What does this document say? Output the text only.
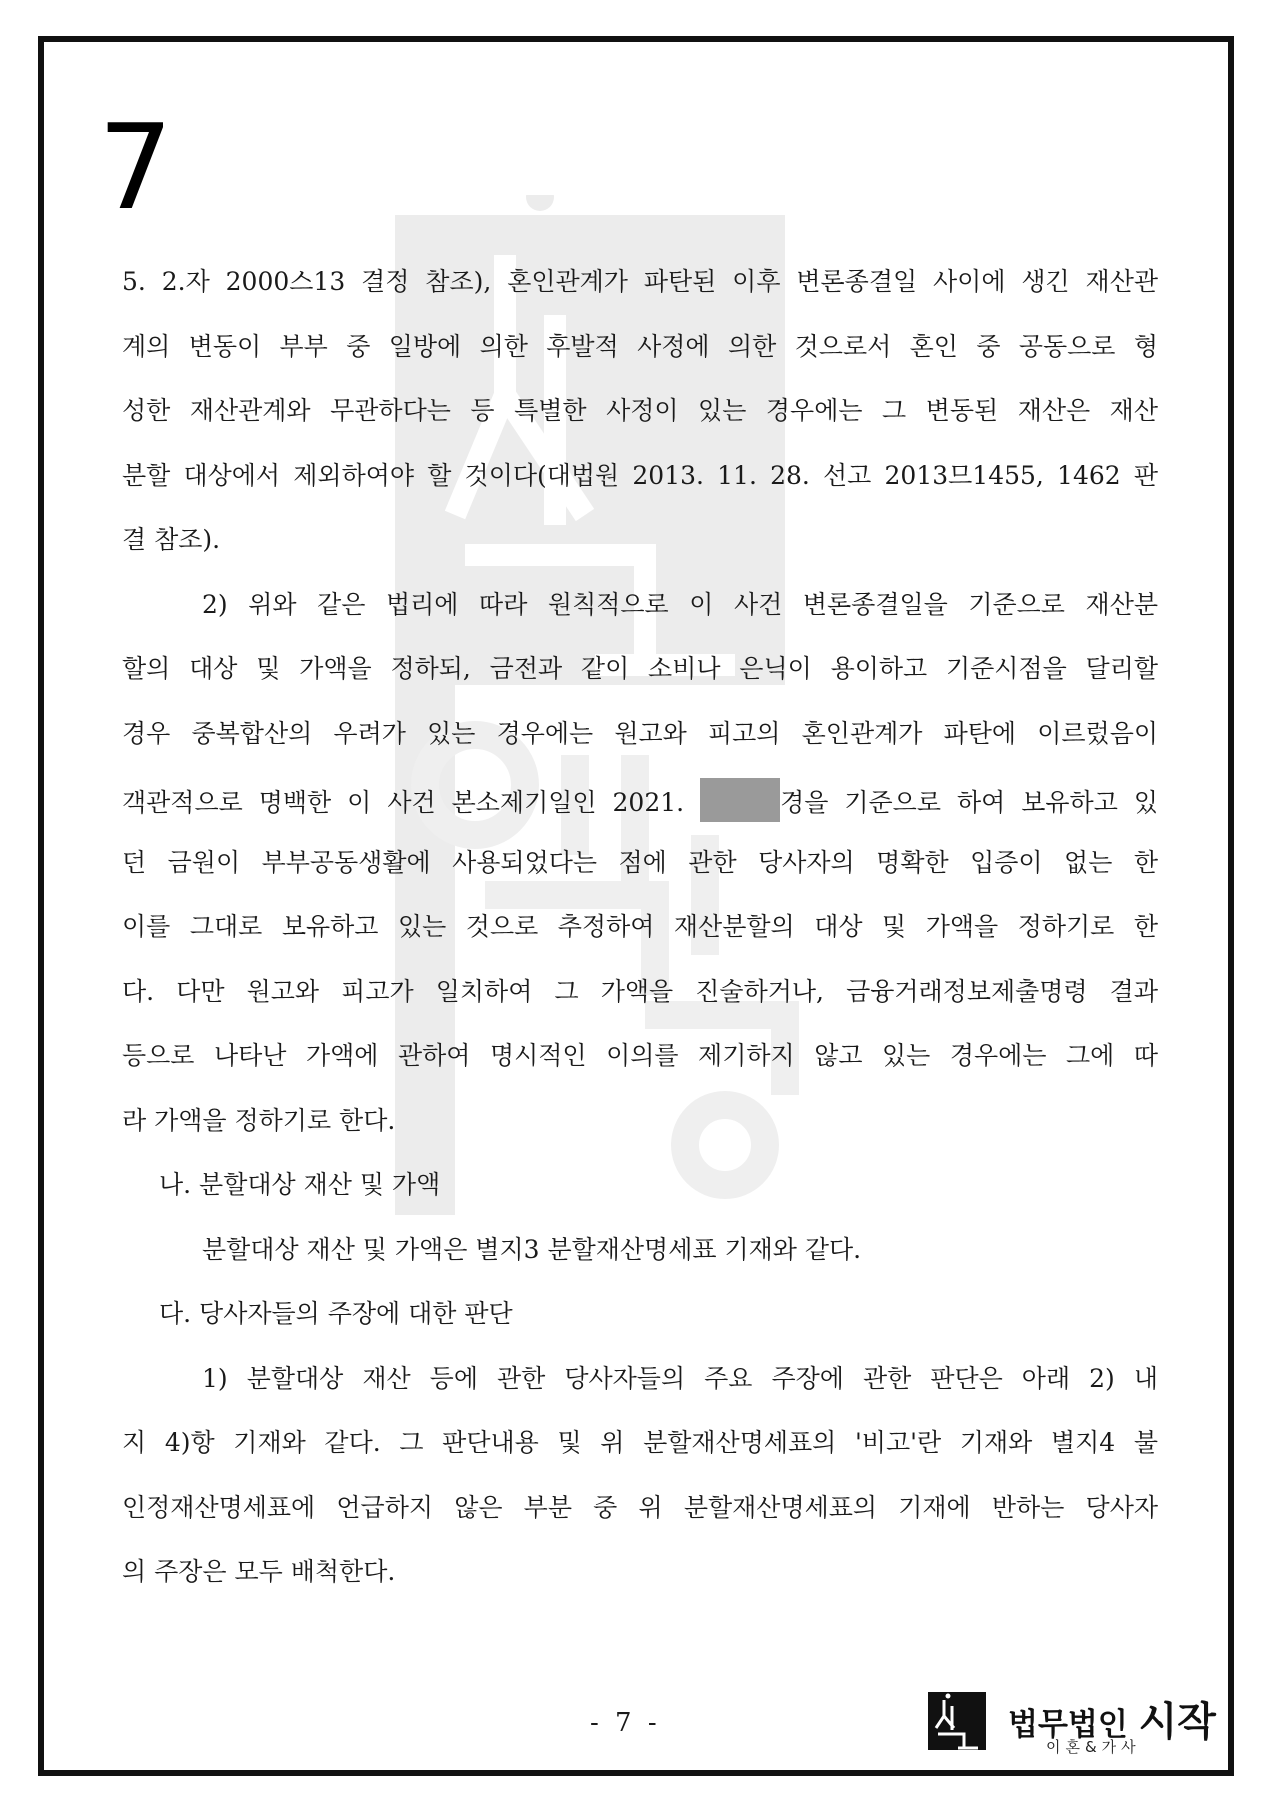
7
5. 2.자 2000스13 결정 참조), 혼인관계가 파탄된 이후 변론종결일 사이에 생긴 재산관
계의 변동이 부부 중 일방에 의한 후발적 사정에 의한 것으로서 혼인 중 공동으로 형
성한 재산관계와 무관하다는 등 특별한 사정이 있는 경우에는 그 변동된 재산은 재산
분할 대상에서 제외하여야 할 것이다(대법원 2013. 11. 28. 선고 2013므1455, 1462 판
결 참조).
2) 위와 같은 법리에 따라 원칙적으로 이 사건 변론종결일을 기준으로 재산분
할의 대상 및 가액을 정하되, 금전과 같이 소비나 은닉이 용이하고 기준시점을 달리할
경우 중복합산의 우려가 있는 경우에는 원고와 피고의 혼인관계가 파탄에 이르렀음이
객관적으로 명백한 이 사건 본소제기일인 2021.	경을 기준으로 하여 보유하고 있
던 금원이 부부공동생활에 사용되었다는 점에 관한 당사자의 명확한 입증이 없는 한
이를 그대로 보유하고 있는 것으로 추정하여 재산분할의 대상 및 가액을 정하기로 한
다. 다만 원고와 피고가 일치하여 그 가액을 진술하거나, 금융거래정보제출명령 결과
등으로 나타난 가액에 관하여 명시적인 이의를 제기하지 않고 있는 경우에는 그에 따
라 가액을 정하기로 한다.
나. 분할대상 재산 및 가액
분할대상 재산 및 가액은 별지3 분할재산명세표 기재와 같다.
다. 당사자들의 주장에 대한 판단
1) 분할대상 재산 등에 관한 당사자들의 주요 주장에 관한 판단은 아래 2) 내
지 4)항 기재와 같다. 그 판단내용 및 위 분할재산명세표의 '비고'란 기재와 별지4 불
인정재산명세표에 언급하지 않은 부분 중 위 분할재산명세표의 기재에 반하는 당사자
의 주장은 모두 배척한다.
- 7 -	법무법인 시작
이혼&가사
